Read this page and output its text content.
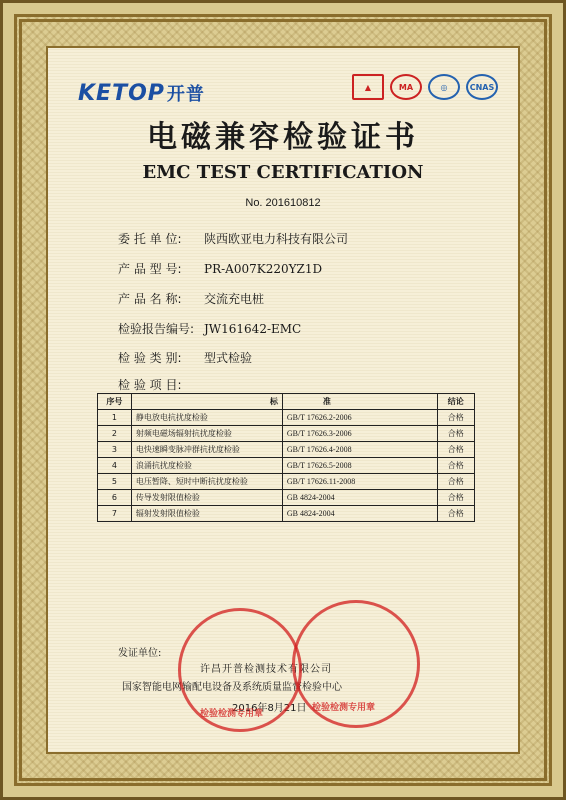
KETOP 开普	▲	MA	◎	CNAS
电磁兼容检验证书
EMC TEST CERTIFICATION
No. 201610812
委 托 单 位: 陕西欧亚电力科技有限公司
产 品 型 号: PR-A007K220YZ1D
产 品 名 称: 交流充电桩
检验报告编号: JW161642-EMC
检 验 类 别: 型式检验
检 验 项 目:
序号	标	准	结论
1	静电放电抗扰度检验	GB/T 17626.2-2006	合格
2	射频电磁场辐射抗扰度检验	GB/T 17626.3-2006	合格
3	电快速瞬变脉冲群抗扰度检验	GB/T 17626.4-2008	合格
4	浪涌抗扰度检验	GB/T 17626.5-2008	合格
5	电压暂降、短时中断抗扰度检验	GB/T 17626.11-2008	合格
6	传导发射限值检验	GB 4824-2004	合格
7	辐射发射限值检验	GB 4824-2004	合格
发证单位:
许昌开普检测技术有限公司
国家智能电网输配电设备及系统质量监督检验中心
2016年8月21日
检验检测专用章
检验检测专用章
